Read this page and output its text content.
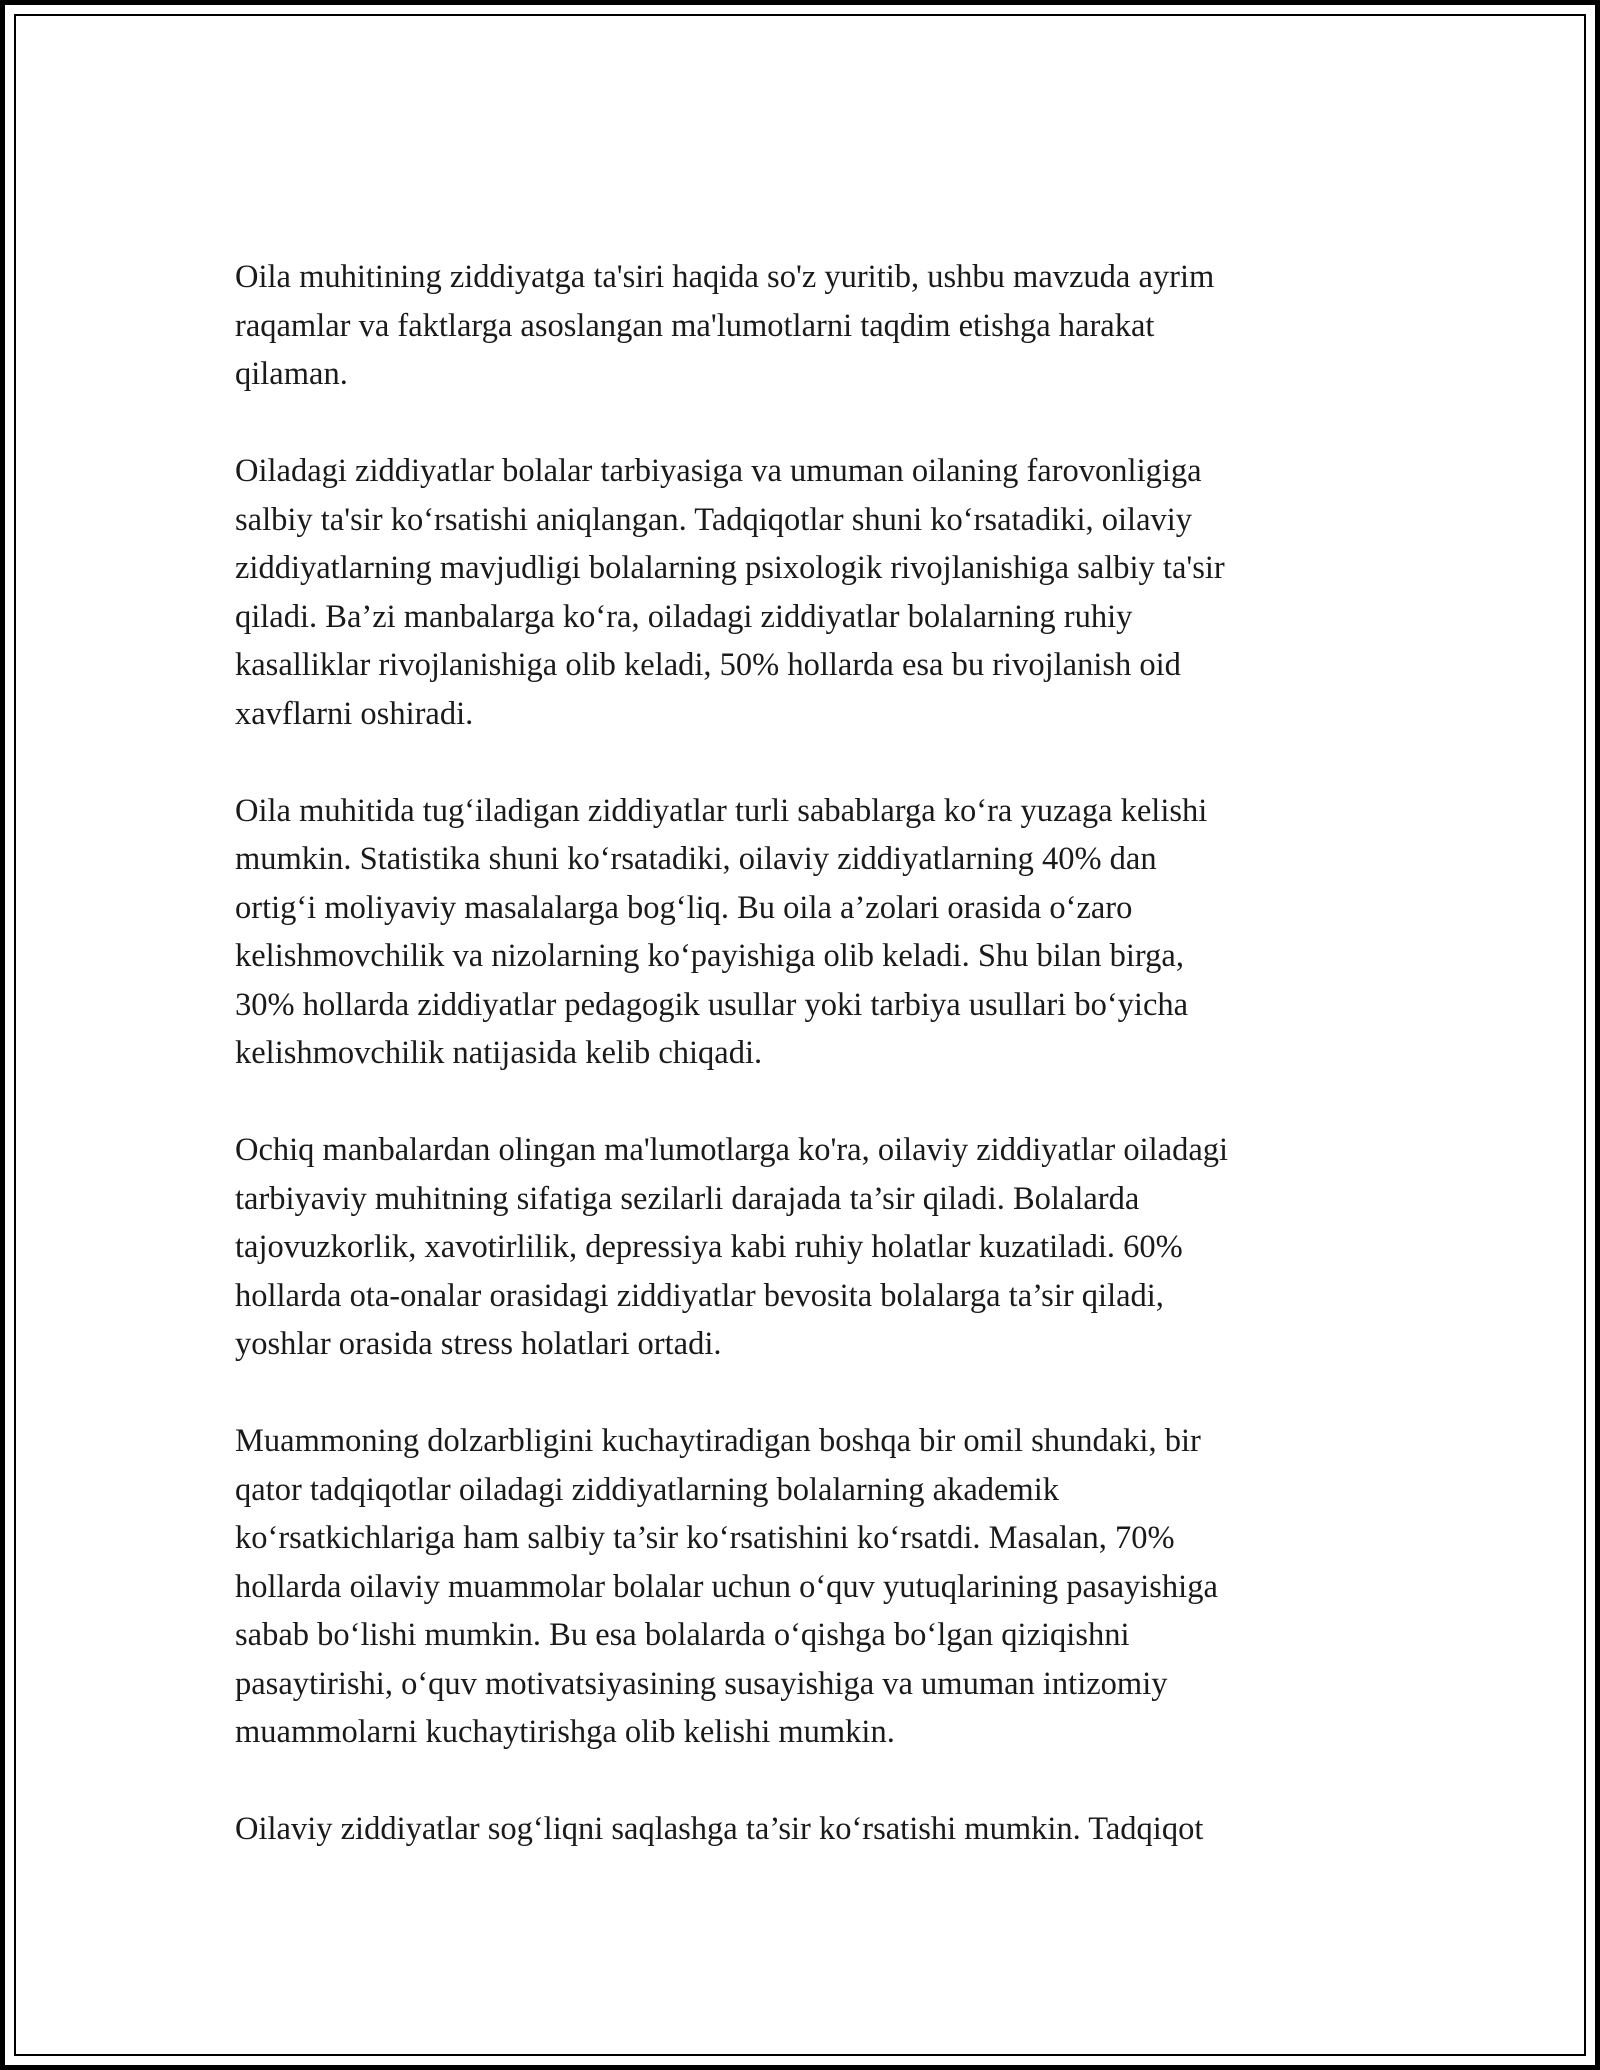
Oila muhitining ziddiyatga ta'siri haqida so'z yuritib, ushbu mavzuda ayrim
raqamlar va faktlarga asoslangan ma'lumotlarni taqdim etishga harakat
qilaman.

Oiladagi ziddiyatlar bolalar tarbiyasiga va umuman oilaning farovonligiga
salbiy ta'sir koʻrsatishi aniqlangan. Tadqiqotlar shuni koʻrsatadiki, oilaviy
ziddiyatlarning mavjudligi bolalarning psixologik rivojlanishiga salbiy ta'sir
qiladi. Ba’zi manbalarga koʻra, oiladagi ziddiyatlar bolalarning ruhiy
kasalliklar rivojlanishiga olib keladi, 50% hollarda esa bu rivojlanish oid
xavflarni oshiradi.

Oila muhitida tugʻiladigan ziddiyatlar turli sabablarga koʻra yuzaga kelishi
mumkin. Statistika shuni koʻrsatadiki, oilaviy ziddiyatlarning 40% dan
ortigʻi moliyaviy masalalarga bogʻliq. Bu oila a’zolari orasida oʻzaro
kelishmovchilik va nizolarning koʻpayishiga olib keladi. Shu bilan birga,
30% hollarda ziddiyatlar pedagogik usullar yoki tarbiya usullari boʻyicha
kelishmovchilik natijasida kelib chiqadi.

Ochiq manbalardan olingan ma'lumotlarga ko'ra, oilaviy ziddiyatlar oiladagi
tarbiyaviy muhitning sifatiga sezilarli darajada ta’sir qiladi. Bolalarda
tajovuzkorlik, xavotirlilik, depressiya kabi ruhiy holatlar kuzatiladi. 60%
hollarda ota-onalar orasidagi ziddiyatlar bevosita bolalarga ta’sir qiladi,
yoshlar orasida stress holatlari ortadi.

Muammoning dolzarbligini kuchaytiradigan boshqa bir omil shundaki, bir
qator tadqiqotlar oiladagi ziddiyatlarning bolalarning akademik
koʻrsatkichlariga ham salbiy ta’sir koʻrsatishini koʻrsatdi. Masalan, 70%
hollarda oilaviy muammolar bolalar uchun oʻquv yutuqlarining pasayishiga
sabab boʻlishi mumkin. Bu esa bolalarda oʻqishga boʻlgan qiziqishni
pasaytirishi, oʻquv motivatsiyasining susayishiga va umuman intizomiy
muammolarni kuchaytirishga olib kelishi mumkin.

Oilaviy ziddiyatlar sogʻliqni saqlashga ta’sir koʻrsatishi mumkin. Tadqiqot
